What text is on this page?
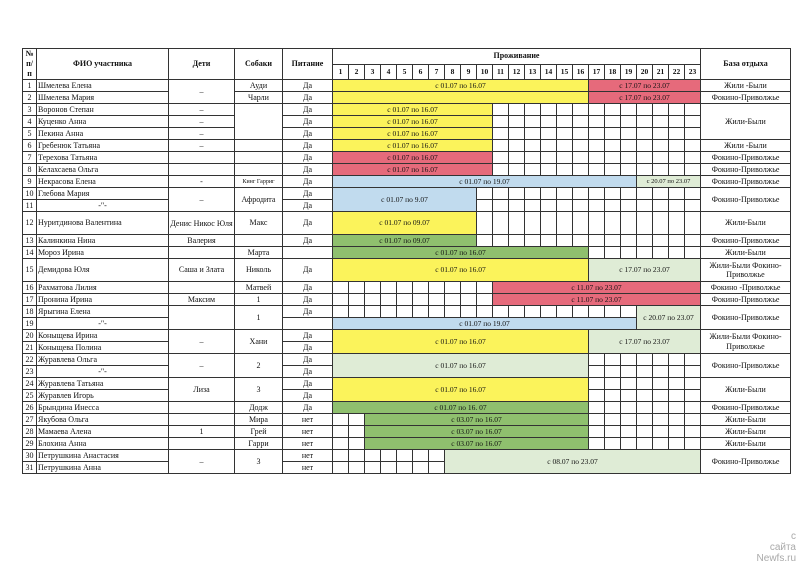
№ п/п	ФИО участника	Дети	Собаки	Питание	Проживание																							База отдыха
					1	2	3	4	5	6	7	8	9	10	11	12	13	14	15	16	17	18	19	20	21	22	23	
1	Шмелева Елена	–	Ауди	Да	с 01.07 по 16.07																с 17.07 по 23.07							Жили -Были
2	Шмелева Мария		Чарли	Да																	с 17.07 по 23.07							Фокино-Приволжье
3	Воронов Степан	–		Да	с 01.07 по 16.07																							Жили-Были
4	Куценко Анна	–		Да	с 01.07 по 16.07																							
5	Пекина Анна	–		Да	с 01.07 по 16.07																							
6	Гребенюк Татьяна	–		Да	с 01.07 по 16.07																							Жили -Были
7	Терехова Татьяна			Да	с 01.07 по 16.07																							Фокино-Приволжье
8	Келахсаева Ольга			Да	с 01.07 по 16.07																							Фокино-Приволжье
9	Некрасова Елена	-	Кинг Гарриг	Да	с 01.07 по 19.07																			с 20.07 по 23.07				Фокино-Приволжье
10	Глебова Мария	–	Афродита	Да	с 01.07 по 9.07																							Фокино-Приволжье
11	-"-			Да																								
12	Нуритдинова Валентина	Денис Никос Юля	Макс	Да	с 01.07 по 09.07																							Жили-Были
13	Калинкина Нина	Валерия		Да	с 01.07 по 09.07																							Фокино-Приволжье
14	Мороз Ирина		Марта		с 01.07 по 16.07																							Жили-Были
15	Демидова Юля	Саша и Злата	Николь	Да	с 01.07 по 16.07																с 17.07 по 23.07							Жили-Были Фокино-Приволжье
16	Рахматова Лилия		Матвей	Да											с 11.07 по 23.07													Фокино -Приволжье
17	Пронина Ирина	Максим	1	Да											с 11.07 по 23.07													Фокино-Приволжье
18	Ярыгина Елена		1	Да																				с 20.07 по 23.07				Фокино-Приволжье
19	-"-				с 01.07 по 19.07																							
20	Коныщева Ирина	–	Хани	Да	с 01.07 по 16.07																с 17.07 по 23.07							Жили-Были Фокино-Приволжье
21	Коныщева Полина			Да																								
22	Журавлева Ольга	–	2	Да	с 01.07 по 16.07																							Фокино-Приволжье
23	-"-			Да																								
24	Журавлева Татьяна	Лиза	3	Да	с 01.07 по 16.07																							Жили-Были
25	Журавлев Игорь			Да																								
26	Брындина Инесса		Додж	Да	с 01.07 по 16. 07																							Фокино-Приволжье
27	Якубова Ольга		Мира	нет			с 03.07 по 16.07																					Жили-Были
28	Мамаева Алена	1	Грей	нет			с 03.07 по 16.07																					Жили-Были
29	Блохина Анна		Гарри	нет			с 03.07 по 16.07																					Жили-Были
30	Петрушкина Анастасия	–	3	нет								с 08.07 по 23.07																Фокино-Приволжье
31	Петрушкина Анна			нет																								
с
сайта
Newfs.ru
